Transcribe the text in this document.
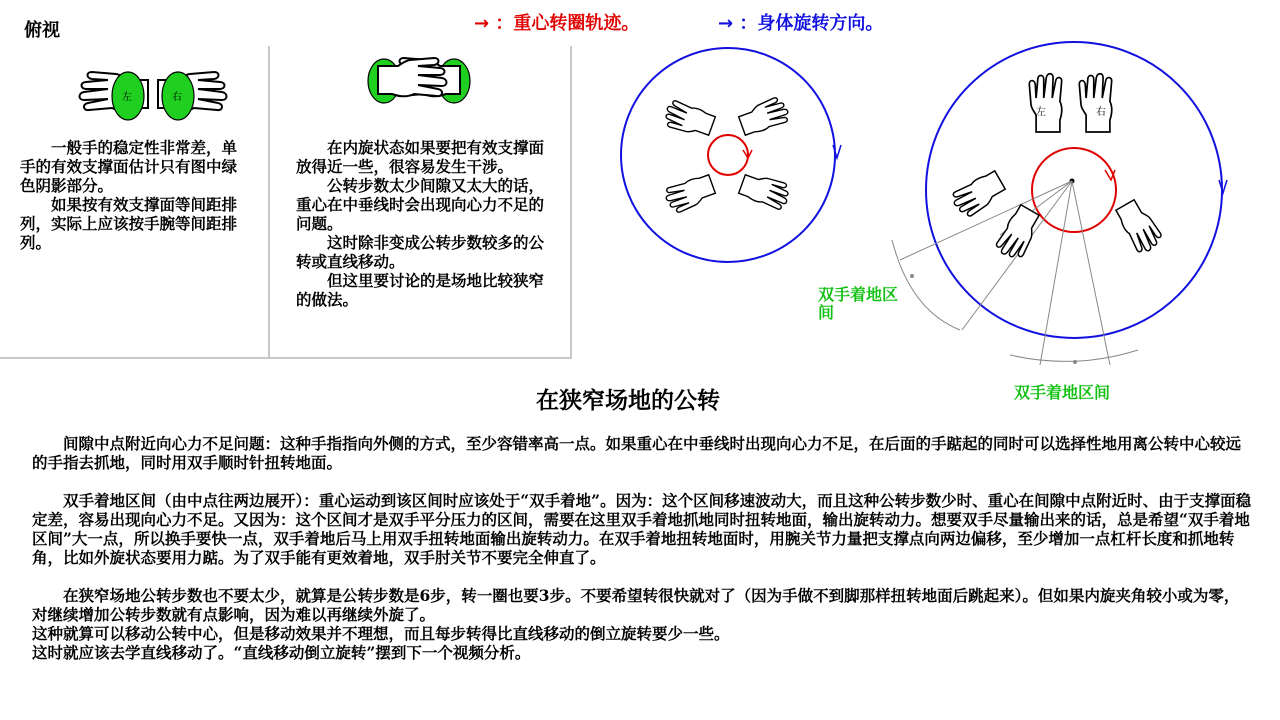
俯视	→ ：重心转圈轨迹。	→ ：身体旋转方向。
左	右

一般手的稳定性非常差，单手的有效支撑面估计只有图中绿色阴影部分。

如果按有效支撑面等间距排列，实际上应该按手腕等间距排列。

在内旋状态如果要把有效支撑面放得近一些，很容易发生干涉。

公转步数太少间隙又太大的话，重心在中垂线时会出现向心力不足的问题。

这时除非变成公转步数较多的公转或直线移动。

但这里要讨论的是场地比较狭窄的做法。

左	右
双手着地区间
双手着地区间
在狭窄场地的公转

间隙中点附近向心力不足问题：这种手指指向外侧的方式，至少容错率高一点。如果重心在中垂线时出现向心力不足，在后面的手踮起的同时可以选择性地用离公转中心较远的手指去抓地，同时用双手顺时针扭转地面。

双手着地区间（由中点往两边展开）：重心运动到该区间时应该处于“双手着地”。因为：这个区间移速波动大，而且这种公转步数少时、重心在间隙中点附近时、由于支撑面稳定差，容易出现向心力不足。又因为：这个区间才是双手平分压力的区间，需要在这里双手着地抓地同时扭转地面，输出旋转动力。想要双手尽量输出来的话，总是希望“双手着地区间”大一点，所以换手要快一点，双手着地后马上用双手扭转地面输出旋转动力。在双手着地扭转地面时，用腕关节力量把支撑点向两边偏移，至少增加一点杠杆长度和抓地转角，比如外旋状态要用力踮。为了双手能有更效着地，双手肘关节不要完全伸直了。

在狭窄场地公转步数也不要太少，就算是公转步数是6步，转一圈也要3步。不要希望转很快就对了（因为手做不到脚那样扭转地面后跳起来）。但如果内旋夹角较小或为零，对继续增加公转步数就有点影响，因为难以再继续外旋了。

这种就算可以移动公转中心，但是移动效果并不理想，而且每步转得比直线移动的倒立旋转要少一些。

这时就应该去学直线移动了。“直线移动倒立旋转”摆到下一个视频分析。
